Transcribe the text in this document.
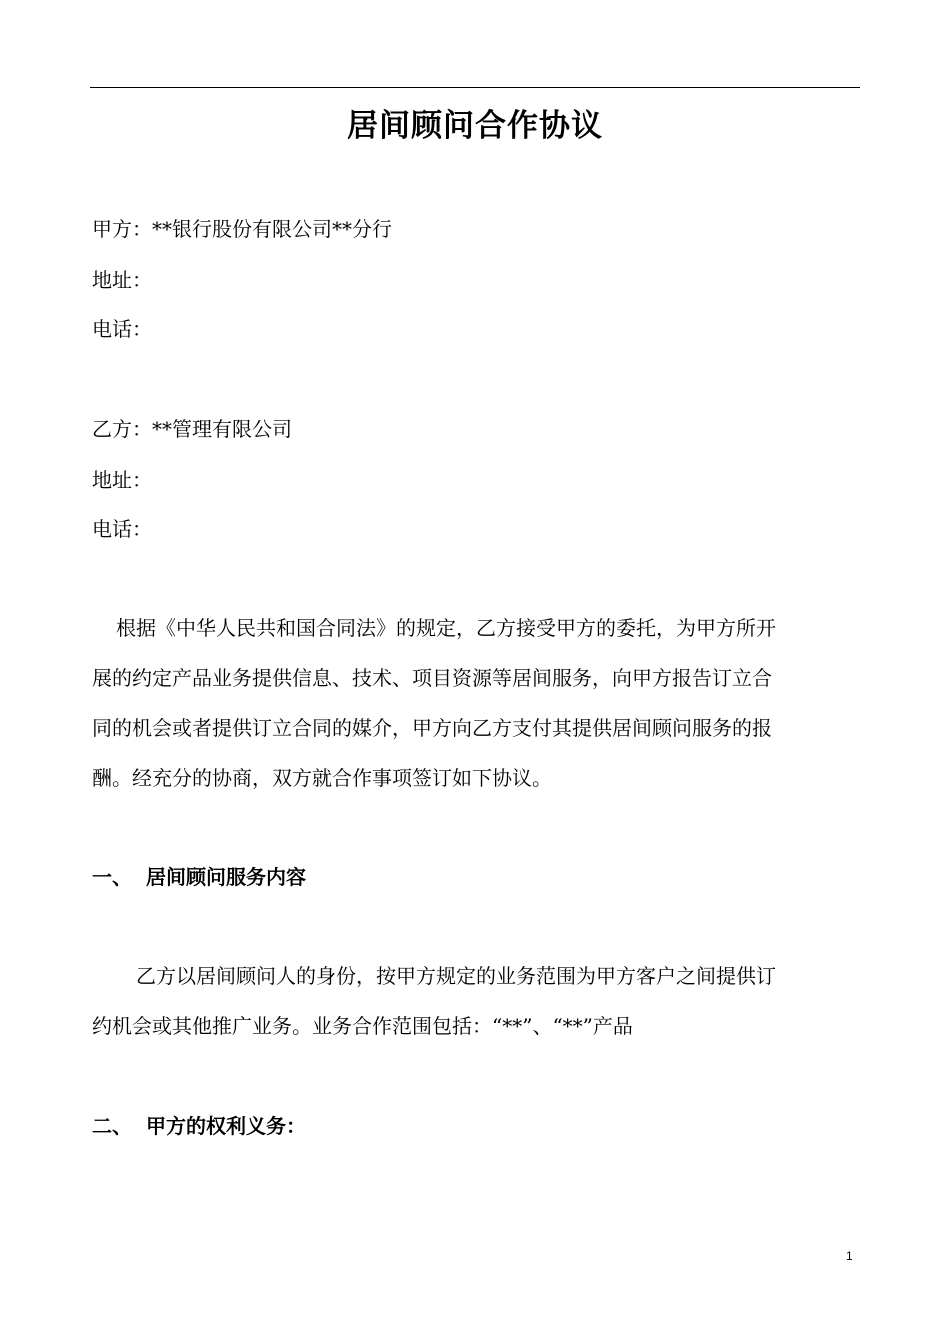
居间顾问合作协议
甲方：**银行股份有限公司**分行
地址：
电话：
乙方：**管理有限公司
地址：
电话：
根据《中华人民共和国合同法》的规定，乙方接受甲方的委托，为甲方所开
展的约定产品业务提供信息、技术、项目资源等居间服务，向甲方报告订立合
同的机会或者提供订立合同的媒介，甲方向乙方支付其提供居间顾问服务的报
酬。经充分的协商，双方就合作事项签订如下协议。
一、 居间顾问服务内容
乙方以居间顾问人的身份，按甲方规定的业务范围为甲方客户之间提供订
约机会或其他推广业务。业务合作范围包括：“**”、“**”产品
二、 甲方的权利义务：
1
